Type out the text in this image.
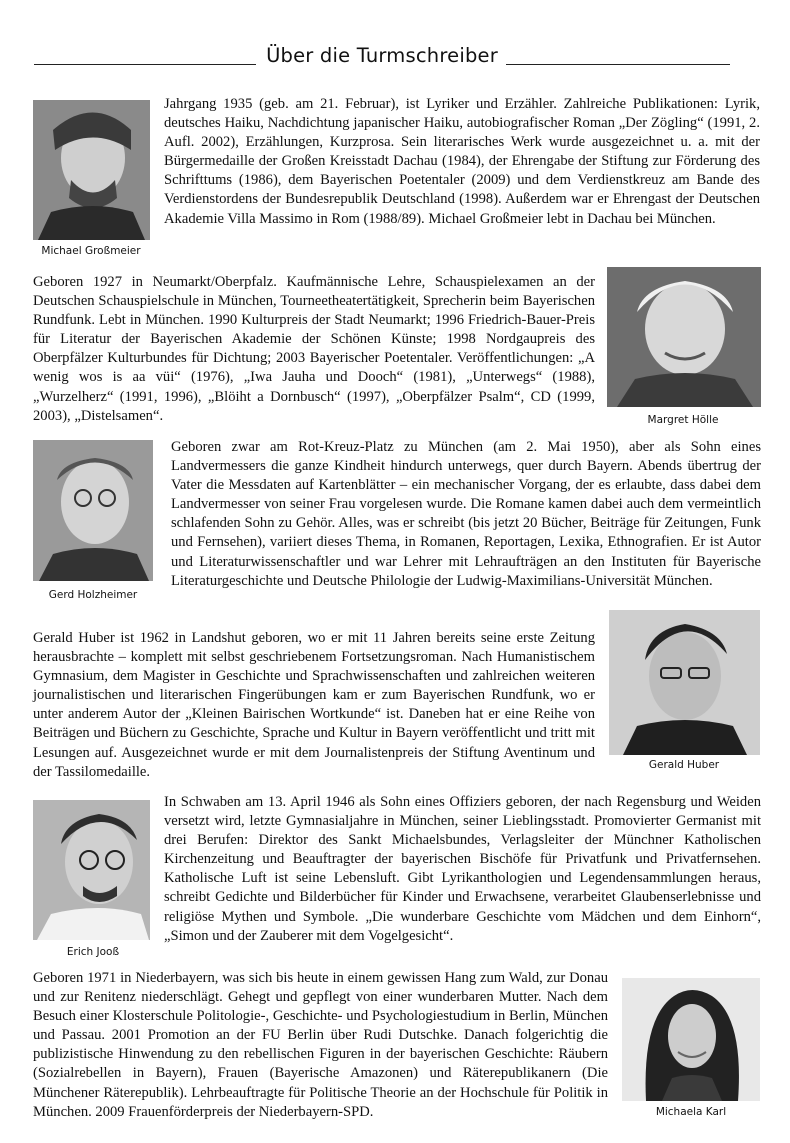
Über die Turmschreiber
Michael Großmeier

Jahrgang 1935 (geb. am 21. Februar), ist Lyriker und Erzähler. Zahlreiche Publikationen: Lyrik, deutsches Haiku, Nachdichtung japanischer Haiku, autobiografischer Roman „Der Zögling“ (1991, 2. Aufl. 2002), Erzählungen, Kurzprosa. Sein literarisches Werk wurde ausgezeichnet u. a. mit der Bürgermedaille der Großen Kreisstadt Dachau (1984), der Ehrengabe der Stiftung zur Förderung des Schrifttums (1986), dem Bayerischen Poetentaler (2009) und dem Verdienstkreuz am Bande des Verdienstordens der Bundesrepublik Deutschland (1998). Außerdem war er Ehrengast der Deutschen Akademie Villa Massimo in Rom (1988/89). Michael Großmeier lebt in Dachau bei München.

Geboren 1927 in Neumarkt/Oberpfalz. Kaufmännische Lehre, Schauspielexamen an der Deutschen Schauspielschule in München, Tourneetheatertätigkeit, Sprecherin beim Bayerischen Rundfunk. Lebt in München. 1990 Kulturpreis der Stadt Neumarkt; 1996 Friedrich-Bauer-Preis für Literatur der Bayerischen Akademie der Schönen Künste; 1998 Nordgaupreis des Oberpfälzer Kulturbundes für Dichtung; 2003 Bayerischer Poetentaler. Veröffentlichungen: „A wenig wos is aa vüi“ (1976), „Iwa Jauha und Dooch“ (1981), „Unterwegs“ (1988), „Wurzelherz“ (1991, 1996), „Blöiht a Dornbusch“ (1997), „Oberpfälzer Psalm“, CD (1999, 2003), „Distelsamen“.	Margret Hölle
Gerd Holzheimer

Geboren zwar am Rot-Kreuz-Platz zu München (am 2. Mai 1950), aber als Sohn eines Landvermessers die ganze Kindheit hindurch unterwegs, quer durch Bayern. Abends übertrug der Vater die Messdaten auf Kartenblätter – ein mechanischer Vorgang, der es erlaubte, dass dabei dem Landvermesser von seiner Frau vorgelesen wurde. Die Romane kamen dabei auch dem vermeintlich schlafenden Sohn zu Gehör. Alles, was er schreibt (bis jetzt 20 Bücher, Beiträge für Zeitungen, Funk und Fernsehen), variiert dieses Thema, in Romanen, Reportagen, Lexika, Ethnografien. Er ist Autor und Literaturwissenschaftler und war Lehrer mit Lehraufträgen an den Instituten für Bayerische Literaturgeschichte und Deutsche Philologie der Ludwig-Maximilians-Universität München.

Gerald Huber ist 1962 in Landshut geboren, wo er mit 11 Jahren bereits seine erste Zeitung herausbrachte – komplett mit selbst geschriebenem Fortsetzungsroman. Nach Humanistischem Gymnasium, dem Magister in Geschichte und Sprachwissenschaften und zahlreichen weiteren journalistischen und literarischen Fingerübungen kam er zum Bayerischen Rundfunk, wo er unter anderem Autor der „Kleinen Bairischen Wortkunde“ ist. Daneben hat er eine Reihe von Beiträgen und Büchern zu Geschichte, Sprache und Kultur in Bayern veröffentlicht und tritt mit Lesungen auf. Ausgezeichnet wurde er mit dem Journalistenpreis der Stiftung Aventinum und der Tassilomedaille.	Gerald Huber
Erich Jooß

In Schwaben am 13. April 1946 als Sohn eines Offiziers geboren, der nach Regensburg und Weiden versetzt wird, letzte Gymnasialjahre in München, seiner Lieblingsstadt. Promovierter Germanist mit drei Berufen: Direktor des Sankt Michaelsbundes, Verlagsleiter der Münchner Katholischen Kirchenzeitung und Beauftragter der bayerischen Bischöfe für Privatfunk und Privatfernsehen. Katholische Luft ist seine Lebensluft. Gibt Lyrikanthologien und Legendensammlungen heraus, schreibt Gedichte und Bilderbücher für Kinder und Erwachsene, verarbeitet Glaubenserlebnisse und religiöse Mythen und Symbole. „Die wunderbare Geschichte vom Mädchen und dem Einhorn“, „Simon und der Zauberer mit dem Vogelgesicht“.

Geboren 1971 in Niederbayern, was sich bis heute in einem gewissen Hang zum Wald, zur Donau und zur Renitenz niederschlägt. Gehegt und gepflegt von einer wunderbaren Mutter. Nach dem Besuch einer Klosterschule Politologie-, Geschichte- und Psychologiestudium in Berlin, München und Passau. 2001 Promotion an der FU Berlin über Rudi Dutschke. Danach folgerichtig die publizistische Hinwendung zu den rebellischen Figuren in der bayerischen Geschichte: Räubern (Sozialrebellen in Bayern), Frauen (Bayerische Amazonen) und Räterepublikanern (Die Münchener Räterepublik). Lehrbeauftragte für Politische Theorie an der Hochschule für Politik in München. 2009 Frauenförderpreis der Niederbayern-SPD.	Michaela Karl
